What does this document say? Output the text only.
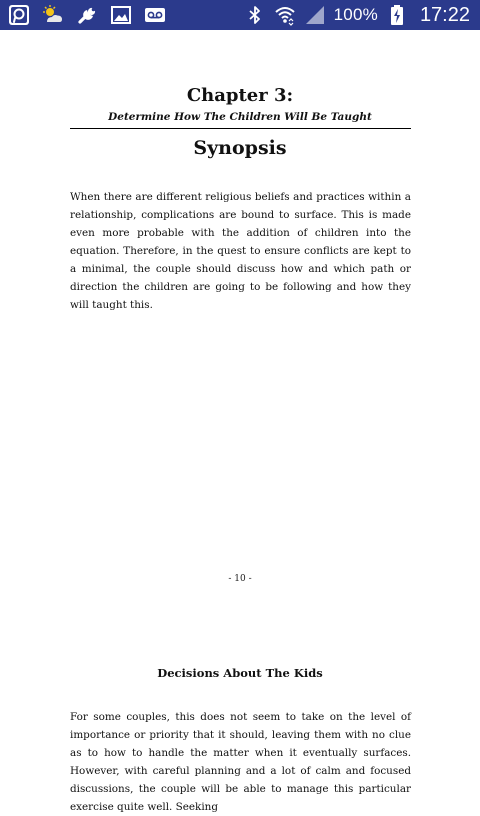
100% 17:22
Chapter 3:
Determine How The Children Will Be Taught
Synopsis
When there are different religious beliefs and practices within a relationship, complications are bound to surface. This is made even more probable with the addition of children into the equation. Therefore, in the quest to ensure conflicts are kept to a minimal, the couple should discuss how and which path or direction the children are going to be following and how they will taught this.
- 10 -
Decisions About The Kids
For some couples, this does not seem to take on the level of importance or priority that it should, leaving them with no clue as to how to handle the matter when it eventually surfaces. However, with careful planning and a lot of calm and focused discussions, the couple will be able to manage this particular exercise quite well. Seeking
